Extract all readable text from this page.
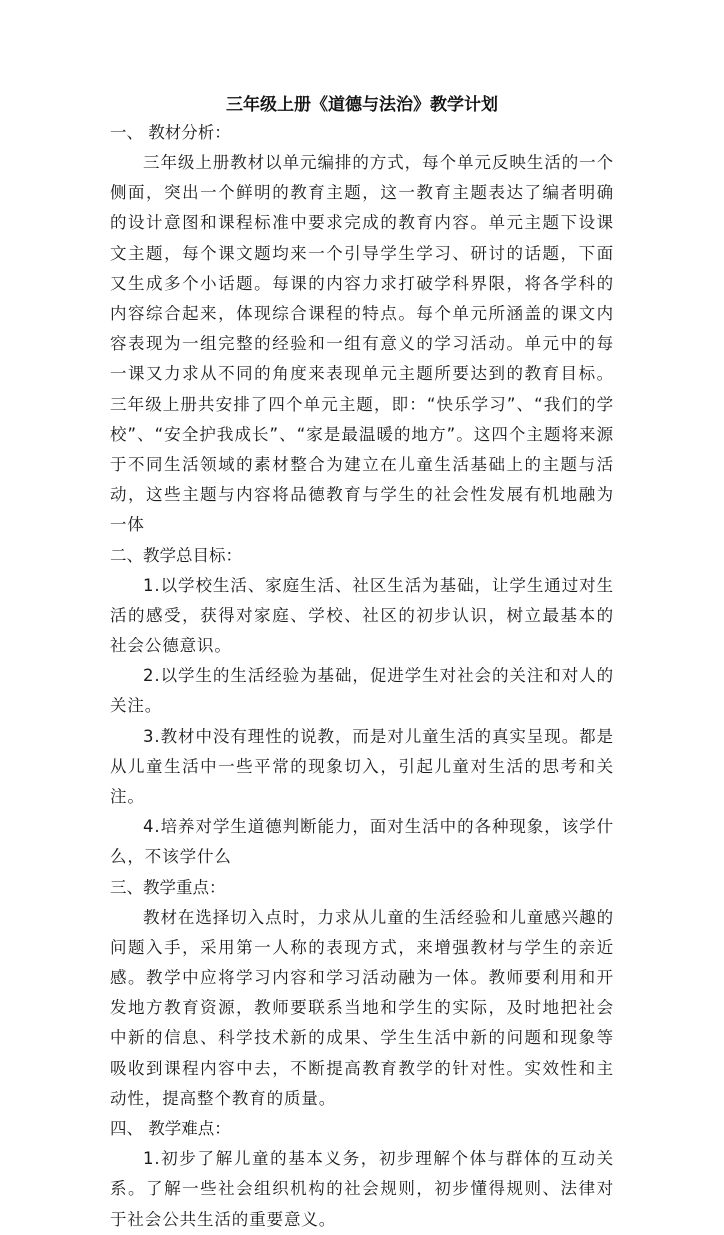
三年级上册《道德与法治》教学计划

一、 教材分析：

三年级上册教材以单元编排的方式，每个单元反映生活的一个侧面，突出一个鲜明的教育主题，这一教育主题表达了编者明确的设计意图和课程标准中要求完成的教育内容。单元主题下设课文主题，每个课文题均来一个引导学生学习、研讨的话题，下面又生成多个小话题。每课的内容力求打破学科界限，将各学科的内容综合起来，体现综合课程的特点。每个单元所涵盖的课文内容表现为一组完整的经验和一组有意义的学习活动。单元中的每一课又力求从不同的角度来表现单元主题所要达到的教育目标。三年级上册共安排了四个单元主题，即：“快乐学习”、“我们的学校”、“安全护我成长”、“家是最温暖的地方”。这四个主题将来源于不同生活领域的素材整合为建立在儿童生活基础上的主题与活动，这些主题与内容将品德教育与学生的社会性发展有机地融为一体

二、教学总目标：

1.以学校生活、家庭生活、社区生活为基础，让学生通过对生活的感受，获得对家庭、学校、社区的初步认识，树立最基本的社会公德意识。

2.以学生的生活经验为基础，促进学生对社会的关注和对人的关注。

3.教材中没有理性的说教，而是对儿童生活的真实呈现。都是从儿童生活中一些平常的现象切入，引起儿童对生活的思考和关注。

4.培养对学生道德判断能力，面对生活中的各种现象，该学什么，不该学什么

三、教学重点：

教材在选择切入点时，力求从儿童的生活经验和儿童感兴趣的问题入手，采用第一人称的表现方式，来增强教材与学生的亲近感。教学中应将学习内容和学习活动融为一体。教师要利用和开发地方教育资源，教师要联系当地和学生的实际，及时地把社会中新的信息、科学技术新的成果、学生生活中新的问题和现象等吸收到课程内容中去，不断提高教育教学的针对性。实效性和主动性，提高整个教育的质量。

四、 教学难点：

1.初步了解儿童的基本义务，初步理解个体与群体的互动关系。了解一些社会组织机构的社会规则，初步懂得规则、法律对于社会公共生活的重要意义。
